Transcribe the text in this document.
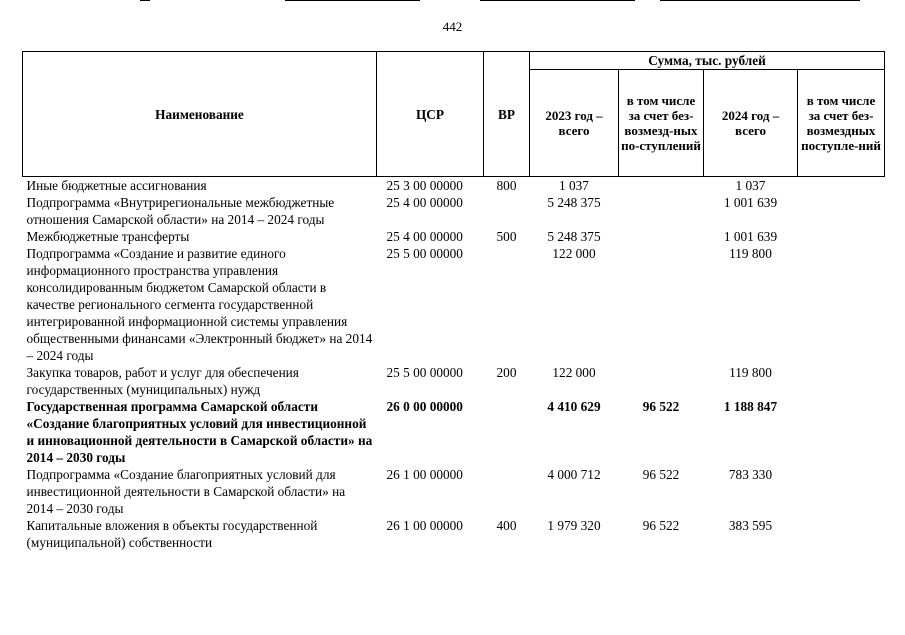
442
Наименование	ЦСР	ВР	Сумма, тыс. рублей			
			2023 год – всего	в том числе за счет без-возмезд-ных по-ступлений	2024 год – всего	в том числе за счет без-возмездных поступле-ний
Иные бюджетные ассигнования	25 3 00 00000	800	1 037		1 037	
Подпрограмма «Внутрирегиональные межбюджетные отношения Самарской области» на 2014 – 2024 годы	25 4 00 00000		5 248 375		1 001 639	
Межбюджетные трансферты	25 4 00 00000	500	5 248 375		1 001 639	
Подпрограмма «Создание и развитие единого информационного пространства управления консолидированным бюджетом Самарской области в качестве регионального сегмента государственной интегрированной информационной системы управления общественными финансами «Электронный бюджет» на 2014 – 2024 годы	25 5 00 00000		122 000		119 800	
Закупка товаров, работ и услуг для обеспечения государственных (муниципальных) нужд	25 5 00 00000	200	122 000		119 800	
Государственная программа Самарской области «Создание благоприятных условий для инвестиционной и инновационной деятельности в Самарской области» на 2014 – 2030 годы	26 0 00 00000		4 410 629	96 522	1 188 847	
Подпрограмма «Создание благоприятных условий для инвестиционной деятельности в Самарской области» на 2014 – 2030 годы	26 1 00 00000		4 000 712	96 522	783 330	
Капитальные вложения в объекты государственной (муниципальной) собственности	26 1 00 00000	400	1 979 320	96 522	383 595	
